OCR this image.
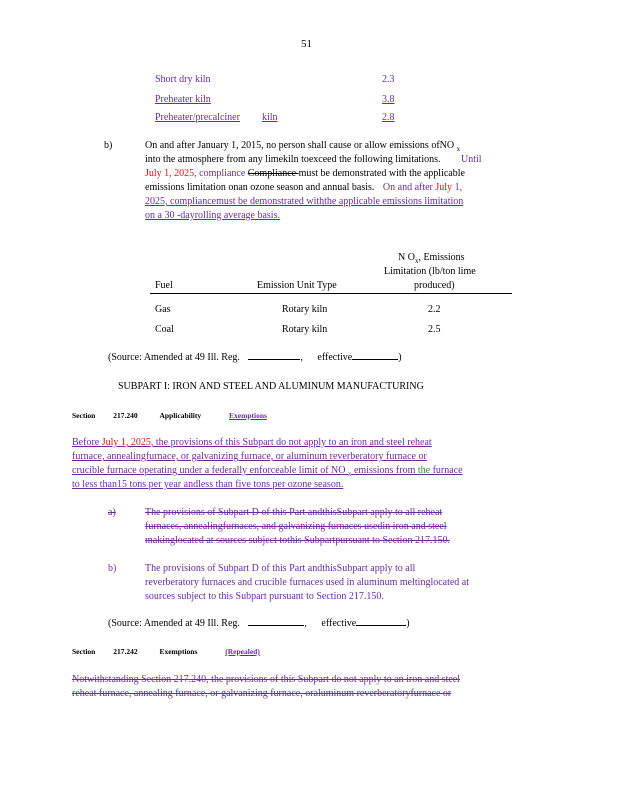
51
Short dry kiln	2.3
Preheater kiln	3.8
Preheater/precalciner kiln	2.8
b)	On and after January 1, 2015, no person shall cause or allow emissions ofNO $_x$
into the atmosphere from any limekiln toexceed the following limitations. Until
July 1, 2025, compliance Compliance must be demonstrated with the applicable
emissions limitation onan ozone season and annual basis. On and after July 1,
2025, compliancemust be demonstrated withthe applicable emissions limitation
on a 30 -dayrolling average basis.
N $O_x$, Emissions
Limitation (lb/ton lime
produced)
Fuel	Emission Unit Type
Gas	Rotary kiln	2.2
Coal	Rotary kiln	2.5
(Source: Amended at 49 Ill. Reg.	, effective	)
SUBPART I: IRON AND STEEL AND ALUMINUM MANUFACTURING
Section 217.240	Applicability	Exemptions
Before July 1, 2025, the provisions of this Subpart do not apply to an iron and steel reheat
furnace, annealingfurnace, or galvanizing furnace, or aluminum reverberatory furnace or
crucible furnace operating under a federally enforceable limit of NO $_x$ emissions from the furnace
to less than15 tons per year andless than five tons per ozone season.
a)	The provisions of Subpart D of this Part andthisSubpart apply to all reheat
furnaces, annealingfurnaces, and galvanizing furnaces usedin iron and steel
makinglocated at sources subject tothis Subpartpursuant to Section 217.150.
b)	The provisions of Subpart D of this Part andthisSubpart apply to all
reverberatory furnaces and crucible furnaces used in aluminum meltinglocated at
sources subject to this Subpart pursuant to Section 217.150.
(Source: Amended at 49 Ill. Reg.	, effective	)
Section 217.242	Exemptions	(Repealed)
Notwithstanding Section 217.240, the provisions of this Subpart do not apply to an iron and steel
reheat furnace, annealing furnace, or galvanizing furnace, oraluminum reverberatoryfurnace or
